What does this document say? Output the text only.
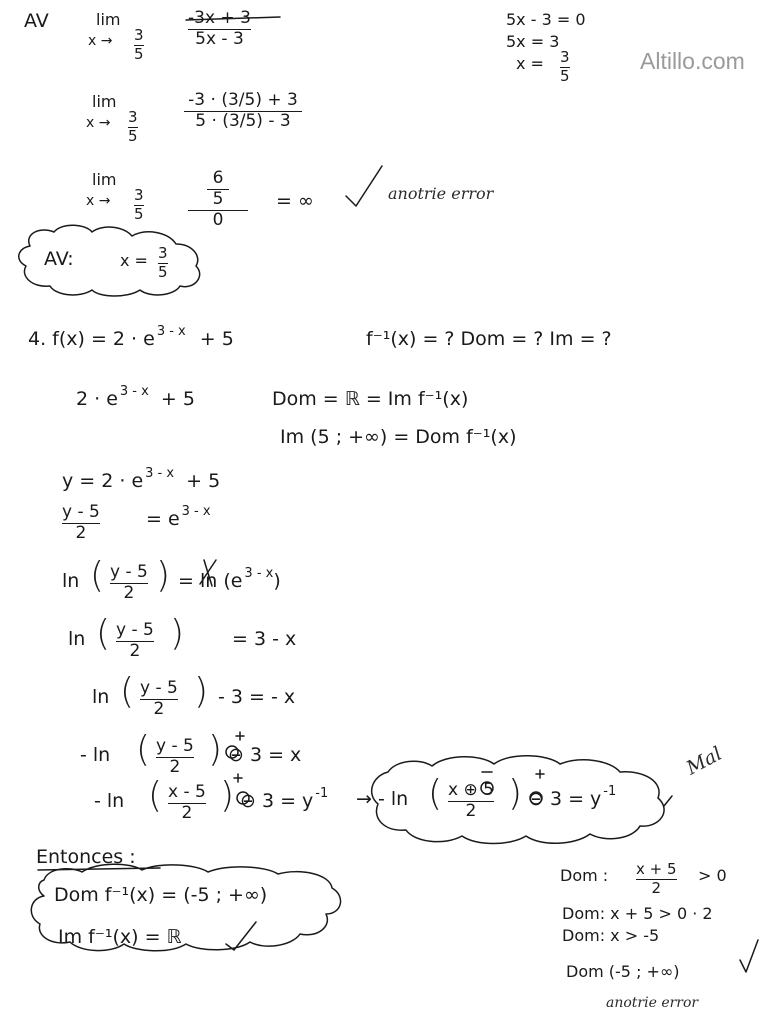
Altillo.com
AV	lim
x → 3
5
-3x + 3
5x - 3
5x - 3 = 0
5x = 3
x = 3
5
lim
x → 3
5
-3 · (3/5) + 3
5 · (3/5) - 3
lim
x → 3
5
6
5
0
= ∞	anotrie error
AV:	x = 3
5
4. f(x) = 2 · e $^{3 - x}$ + 5	f⁻¹(x) = ? Dom = ? Im = ?
2 · e $^{3 - x}$ + 5	Dom = ℝ = Im f⁻¹(x)
Im (5 ; +∞) = Dom f⁻¹(x)
y = 2 · e $^{3 - x}$ + 5
y - 5
2
= e $^{3 - x}$
ln ( y - 5
2 ) = ln (e $^{3 - x}$)
ln ( y - 5
2 )	= 3 - x
ln ( y - 5
2 ) - 3 = - x
- ln ( y - 5
2 ) ⊖ 3 = x
- ln ( x - 5
2 ) ⊖ 3 = y $^{-1}$ → - ln ( x ⊕ 5
2 ) ⊖ 3 = y $^{-1}$
Mal
Entonces :
Dom f⁻¹(x) = (-5 ; +∞)
Im f⁻¹(x) = ℝ
Dom : x + 5
2
> 0
Dom: x + 5 > 0 · 2
Dom: x > -5
Dom (-5 ; +∞)
anotrie error
